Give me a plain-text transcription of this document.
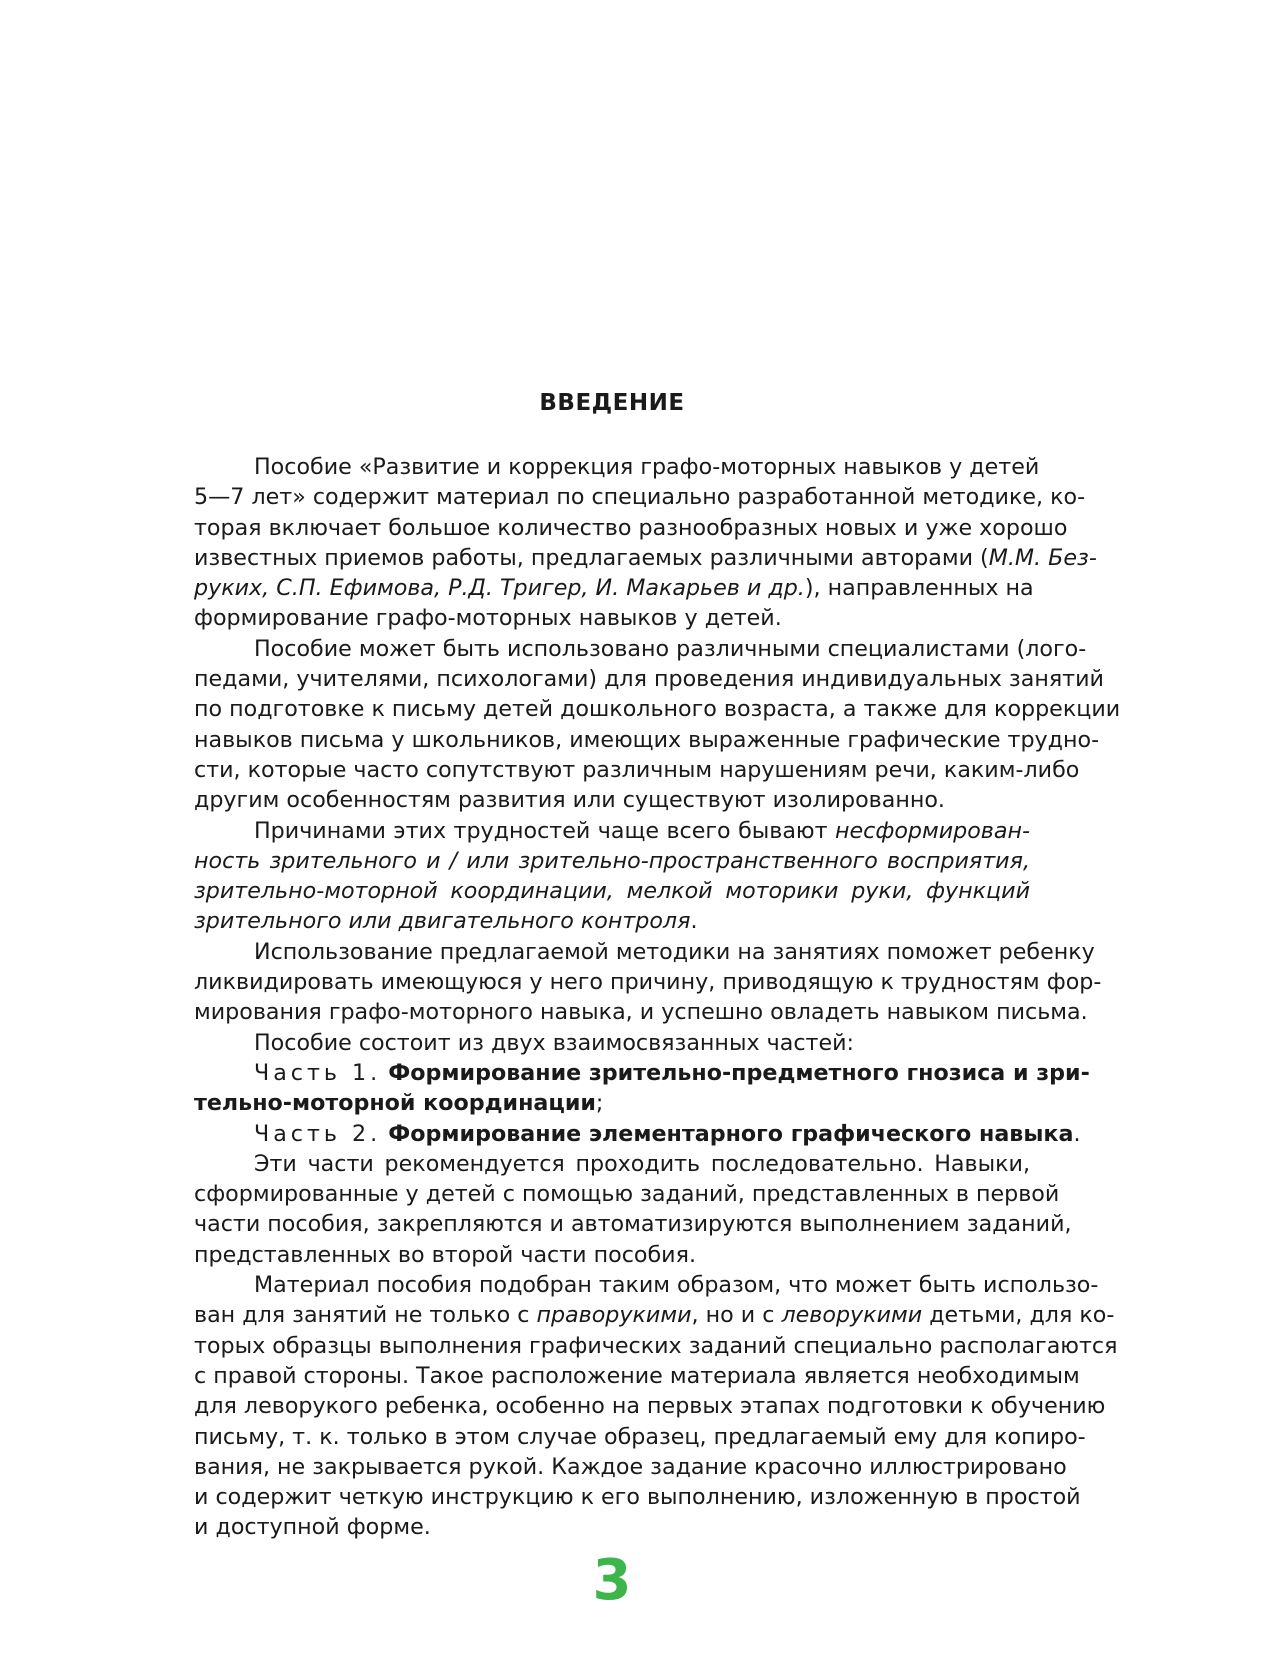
ВВЕДЕНИЕ
Пособие «Развитие и коррекция графо-моторных навыков у детей
5—7 лет» содержит материал по специально разработанной методике, ко-
торая включает большое количество разнообразных новых и уже хорошо
известных приемов работы, предлагаемых различными авторами (М.М. Без-
руких, С.П. Ефимова, Р.Д. Тригер, И. Макарьев и др.), направленных на
формирование графо-моторных навыков у детей.
Пособие может быть использовано различными специалистами (лого-
педами, учителями, психологами) для проведения индивидуальных занятий
по подготовке к письму детей дошкольного возраста, а также для коррекции
навыков письма у школьников, имеющих выраженные графические трудно-
сти, которые часто сопутствуют различным нарушениям речи, каким-либо
другим особенностям развития или существуют изолированно.
Причинами этих трудностей чаще всего бывают несформирован-
ность зрительного и / или зрительно-пространственного восприятия,
зрительно-моторной координации, мелкой моторики руки, функций
зрительного или двигательного контроля.
Использование предлагаемой методики на занятиях поможет ребенку
ликвидировать имеющуюся у него причину, приводящую к трудностям фор-
мирования графо-моторного навыка, и успешно овладеть навыком письма.
Пособие состоит из двух взаимосвязанных частей:
Часть 1. Формирование зрительно-предметного гнозиса и зри-
тельно-моторной координации;
Часть 2. Формирование элементарного графического навыка.
Эти части рекомендуется проходить последовательно. Навыки,
сформированные у детей с помощью заданий, представленных в первой
части пособия, закрепляются и автоматизируются выполнением заданий,
представленных во второй части пособия.
Материал пособия подобран таким образом, что может быть использо-
ван для занятий не только с праворукими, но и с леворукими детьми, для ко-
торых образцы выполнения графических заданий специально располагаются
с правой стороны. Такое расположение материала является необходимым
для леворукого ребенка, особенно на первых этапах подготовки к обучению
письму, т. к. только в этом случае образец, предлагаемый ему для копиро-
вания, не закрывается рукой. Каждое задание красочно иллюстрировано
и содержит четкую инструкцию к его выполнению, изложенную в простой
и доступной форме.
3
